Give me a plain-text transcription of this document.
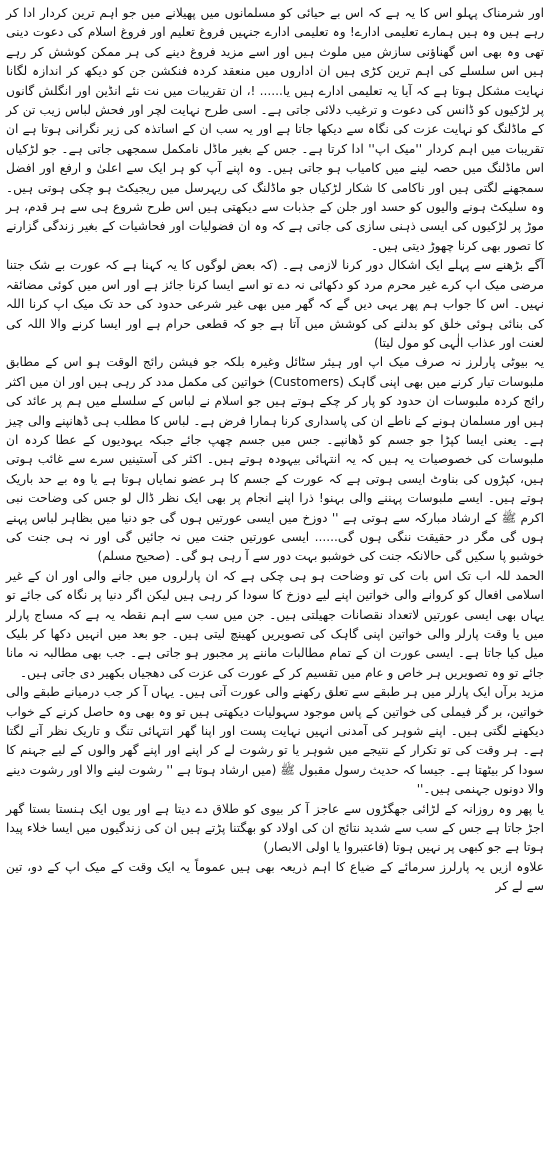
اور شرمناک پہلو اس کا یہ ہے کہ اس بے حیائی کو مسلمانوں میں پھیلانے میں جو اہم ترین کردار ادا کر رہے ہیں وہ ہیں ہمارے تعلیمی ادارے! وہ تعلیمی ادارے جنہیں فروغ تعلیم اور فروغ اسلام کی دعوت دینی تھی وہ بھی اس گھناؤنی سازش میں ملوث ہیں اور اسے مزید فروغ دینے کی ہر ممکن کوشش کر رہے ہیں اس سلسلے کی اہم ترین کڑی ہیں ان اداروں میں منعقد کردہ فنکشن جن کو دیکھ کر اندازہ لگانا نہایت مشکل ہوتا ہے کہ آیا یہ تعلیمی ادارے ہیں یا...... !، ان تقریبات میں نت نئے انڈین اور انگلش گانوں پر لڑکیوں کو ڈانس کی دعوت و ترغیب دلائی جاتی ہے۔ اسی طرح نہایت لچر اور فحش لباس زیب تن کر کے ماڈلنگ کو نہایت عزت کی نگاہ سے دیکھا جاتا ہے اور یہ سب ان کے اساتذہ کی زیر نگرانی ہوتا ہے ان تقریبات میں اہم کردار ''میک اپ'' ادا کرتا ہے۔ جس کے بغیر ماڈل نامکمل سمجھی جاتی ہے۔ جو لڑکیاں اس ماڈلنگ میں حصہ لینے میں کامیاب ہو جاتی ہیں۔ وہ اپنے آپ کو ہر ایک سے اعلیٰ و ارفع اور افضل سمجھنے لگتی ہیں اور ناکامی کا شکار لڑکیاں جو ماڈلنگ کی ریہرسل میں ریجیکٹ ہو چکی ہوتی ہیں۔ وہ سلیکٹ ہونے والیوں کو حسد اور جلن کے جذبات سے دیکھتی ہیں اس طرح شروع ہی سے ہر قدم، ہر موڑ پر لڑکیوں کی ایسی ذہنی سازی کی جاتی ہے کہ وہ ان فضولیات اور فحاشیات کے بغیر زندگی گزارنے کا تصور بھی کرنا چھوڑ دیتی ہیں۔

آگے بڑھنے سے پہلے ایک اشکال دور کرنا لازمی ہے۔ (کہ بعض لوگوں کا یہ کہنا ہے کہ عورت بے شک جتنا مرضی میک اپ کرے غیر محرم مرد کو دکھائی نہ دے تو اسے ایسا کرنا جائز ہے اور اس میں کوئی مضائقہ نہیں۔ اس کا جواب ہم پھر یہی دیں گے کہ گھر میں بھی غیر شرعی حدود کی حد تک میک اپ کرنا اللہ کی بنائی ہوئی خلق کو بدلنے کی کوشش میں آتا ہے جو کہ قطعی حرام ہے اور ایسا کرنے والا اللہ کی لعنت اور عذاب الٰہی کو مول لیتا)

یہ بیوٹی پارلرز نہ صرف میک اپ اور ہیئر سٹائل وغیرہ بلکہ جو فیشن رائج الوقت ہو اس کے مطابق ملبوسات تیار کرنے میں بھی اپنی گاہک (Customers) خواتین کی مکمل مدد کر رہی ہیں اور ان میں اکثر رائج کردہ ملبوسات ان حدود کو پار کر چکے ہوتے ہیں جو اسلام نے لباس کے سلسلے میں ہم پر عائد کی ہیں اور مسلمان ہونے کے ناطے ان کی پاسداری کرنا ہمارا فرض ہے۔ لباس کا مطلب ہی ڈھانپنے والی چیز ہے۔ یعنی ایسا کپڑا جو جسم کو ڈھانپے۔ جس میں جسم چھپ جائے جبکہ یہودیوں کے عطا کردہ ان ملبوسات کی خصوصیات یہ ہیں کہ یہ انتہائی بیہودہ ہوتے ہیں۔ اکثر کی آستینیں سرے سے غائب ہوتی ہیں، کپڑوں کی بناوٹ ایسی ہوتی ہے کہ عورت کے جسم کا ہر عضو نمایاں ہوتا ہے یا وہ بے حد باریک ہوتے ہیں۔ ایسے ملبوسات پہننے والی بہنو! ذرا اپنے انجام پر بھی ایک نظر ڈال لو جس کی وضاحت نبی اکرم ﷺ کے ارشاد مبارکہ سے ہوتی ہے '' دوزخ میں ایسی عورتیں ہوں گی جو دنیا میں بظاہر لباس پہنے ہوں گی مگر در حقیقت ننگی ہوں گی...... ایسی عورتیں جنت میں نہ جائیں گی اور نہ ہی جنت کی خوشبو پا سکیں گی حالانکہ جنت کی خوشبو بہت دور سے آ رہی ہو گی۔ (صحیح مسلم)

الحمد للہ اب تک اس بات کی تو وضاحت ہو ہی چکی ہے کہ ان پارلروں میں جانے والی اور ان کے غیر اسلامی افعال کو کروانے والی خواتین اپنے لیے دوزخ کا سودا کر رہی ہیں لیکن اگر دنیا پر نگاہ کی جائے تو یہاں بھی ایسی عورتیں لاتعداد نقصانات جھیلتی ہیں۔ جن میں سب سے اہم نقطہ یہ ہے کہ مساج پارلر میں یا وقت پارلر والی خواتین اپنی گاہک کی تصویریں کھینچ لیتی ہیں۔ جو بعد میں انہیں دکھا کر بلیک میل کیا جاتا ہے۔ ایسی عورت ان کے تمام مطالبات ماننے پر مجبور ہو جاتی ہے۔ جب بھی مطالبہ نہ مانا جائے تو وہ تصویریں ہر خاص و عام میں تقسیم کر کے عورت کی عزت کی دھجیاں بکھیر دی جاتی ہیں۔

مزید برآں ایک پارلر میں ہر طبقے سے تعلق رکھنے والی عورت آتی ہیں۔ یہاں آ کر جب درمیانے طبقے والی خواتین، بر گر فیملی کی خواتین کے پاس موجود سہولیات دیکھتی ہیں تو وہ بھی وہ حاصل کرنے کے خواب دیکھنے لگتی ہیں۔ اپنے شوہر کی آمدنی انہیں نہایت پست اور اپنا گھر انتہائی تنگ و تاریک نظر آنے لگتا ہے۔ ہر وقت کی تو تکرار کے نتیجے میں شوہر یا تو رشوت لے کر اپنے اور اپنے گھر والوں کے لیے جہنم کا سودا کر بیٹھتا ہے۔ جیسا کہ حدیث رسول مقبول ﷺ (میں ارشاد ہوتا ہے '' رشوت لینے والا اور رشوت دینے والا دونوں جہنمی ہیں۔''

یا پھر وہ روزانہ کے لڑائی جھگڑوں سے عاجز آ کر بیوی کو طلاق دے دیتا ہے اور یوں ایک ہنستا بستا گھر اجڑ جاتا ہے جس کے سب سے شدید نتائج ان کی اولاد کو بھگتنا پڑتے ہیں ان کی زندگیوں میں ایسا خلاء پیدا ہوتا ہے جو کبھی پر نہیں ہوتا (فاعتبروا یا اولی الابصار)

علاوہ ازیں یہ پارلرز سرمائے کے ضیاع کا اہم ذریعہ بھی ہیں عموماً یہ ایک وقت کے میک اپ کے دو، تین سے لے کر
